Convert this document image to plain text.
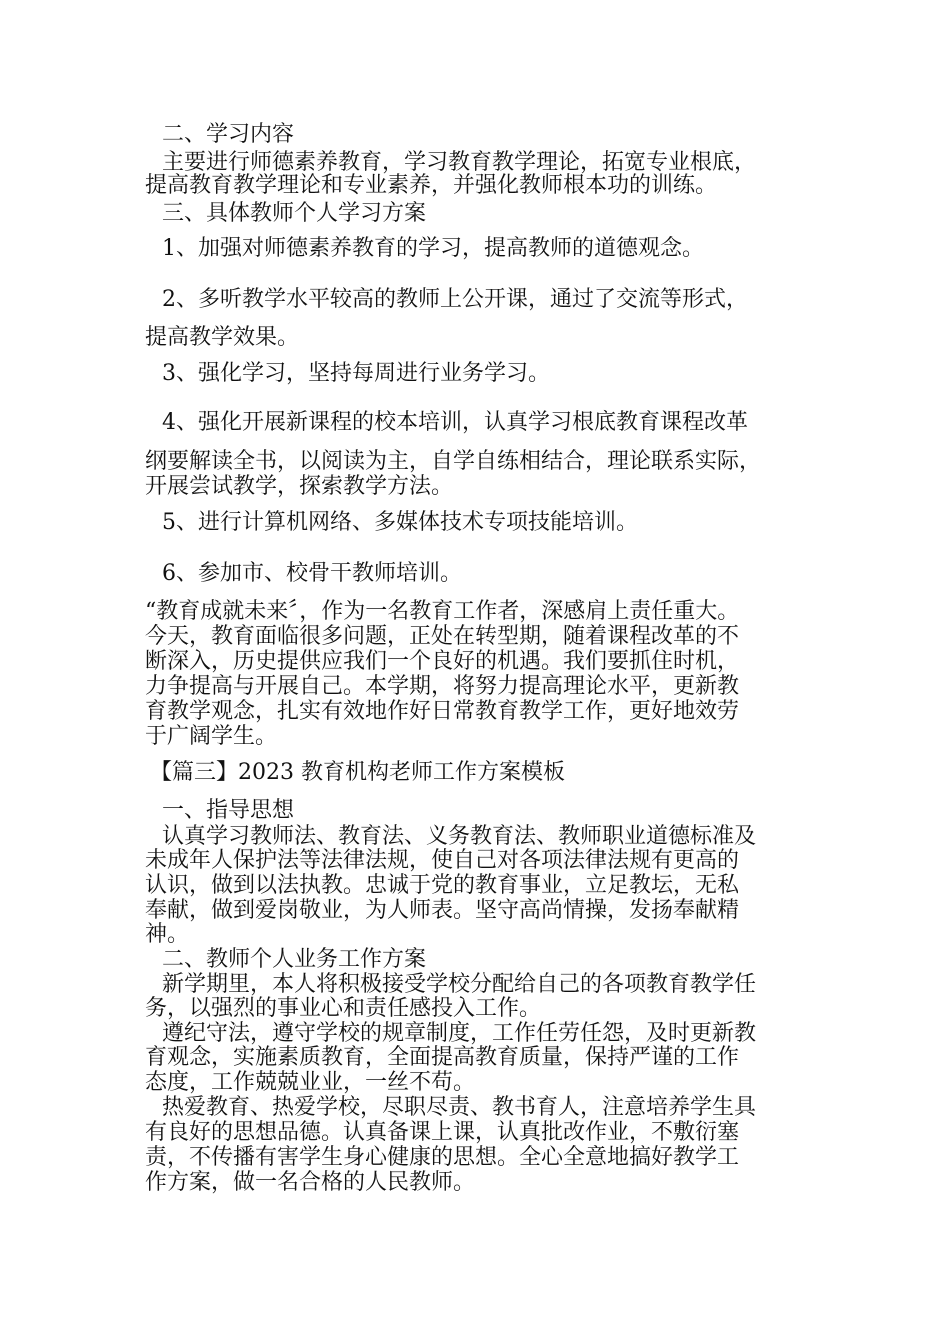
二、学习内容

主要进行师德素养教育，学习教育教学理论，拓宽专业根底，

提高教育教学理论和专业素养，并强化教师根本功的训练。

三、具体教师个人学习方案

1、加强对师德素养教育的学习，提高教师的道德观念。

2、多听教学水平较高的教师上公开课，通过了交流等形式，

提高教学效果。

3、强化学习，坚持每周进行业务学习。

4、强化开展新课程的校本培训，认真学习根底教育课程改革

纲要解读全书，以阅读为主，自学自练相结合，理论联系实际，

开展尝试教学，探索教学方法。

5、进行计算机网络、多媒体技术专项技能培训。

6、参加市、校骨干教师培训。

“教育成就未来〞，作为一名教育工作者，深感肩上责任重大。

今天，教育面临很多问题，正处在转型期，随着课程改革的不

断深入，历史提供应我们一个良好的机遇。我们要抓住时机，

力争提高与开展自己。本学期，将努力提高理论水平，更新教

育教学观念，扎实有效地作好日常教育教学工作，更好地效劳

于广阔学生。

【篇三】2023 教育机构老师工作方案模板

一、指导思想

认真学习教师法、教育法、义务教育法、教师职业道德标准及

未成年人保护法等法律法规，使自己对各项法律法规有更高的

认识，做到以法执教。忠诚于党的教育事业，立足教坛，无私

奉献，做到爱岗敬业，为人师表。坚守高尚情操，发扬奉献精

神。

二、教师个人业务工作方案

新学期里，本人将积极接受学校分配给自己的各项教育教学任

务，以强烈的事业心和责任感投入工作。

遵纪守法，遵守学校的规章制度，工作任劳任怨，及时更新教

育观念，实施素质教育，全面提高教育质量，保持严谨的工作

态度，工作兢兢业业，一丝不苟。

热爱教育、热爱学校，尽职尽责、教书育人，注意培养学生具

有良好的思想品德。认真备课上课，认真批改作业，不敷衍塞

责，不传播有害学生身心健康的思想。全心全意地搞好教学工

作方案，做一名合格的人民教师。
